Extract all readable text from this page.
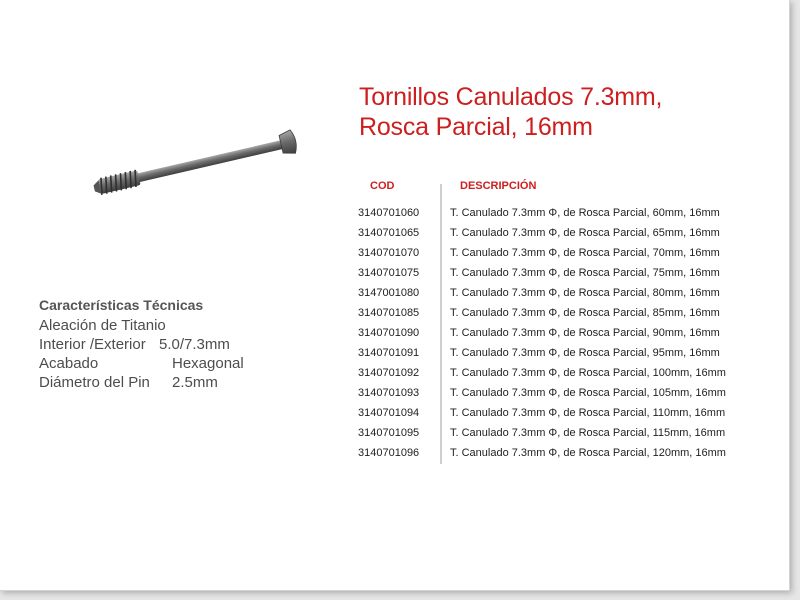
Tornillos Canulados 7.3mm,
Rosca Parcial, 16mm
Características Técnicas
Aleación de Titanio
Interior /Exterior 5.0/7.3mm
Acabado	Hexagonal
Diámetro del Pin	2.5mm
COD	DESCRIPCIÓN
3140701060	T. Canulado 7.3mm Φ, de Rosca Parcial, 60mm, 16mm
3140701065	T. Canulado 7.3mm Φ, de Rosca Parcial, 65mm, 16mm
3140701070	T. Canulado 7.3mm Φ, de Rosca Parcial, 70mm, 16mm
3140701075	T. Canulado 7.3mm Φ, de Rosca Parcial, 75mm, 16mm
3147001080	T. Canulado 7.3mm Φ, de Rosca Parcial, 80mm, 16mm
3140701085	T. Canulado 7.3mm Φ, de Rosca Parcial, 85mm, 16mm
3140701090	T. Canulado 7.3mm Φ, de Rosca Parcial, 90mm, 16mm
3140701091	T. Canulado 7.3mm Φ, de Rosca Parcial, 95mm, 16mm
3140701092	T. Canulado 7.3mm Φ, de Rosca Parcial, 100mm, 16mm
3140701093	T. Canulado 7.3mm Φ, de Rosca Parcial, 105mm, 16mm
3140701094	T. Canulado 7.3mm Φ, de Rosca Parcial, 110mm, 16mm
3140701095	T. Canulado 7.3mm Φ, de Rosca Parcial, 115mm, 16mm
3140701096	T. Canulado 7.3mm Φ, de Rosca Parcial, 120mm, 16mm
